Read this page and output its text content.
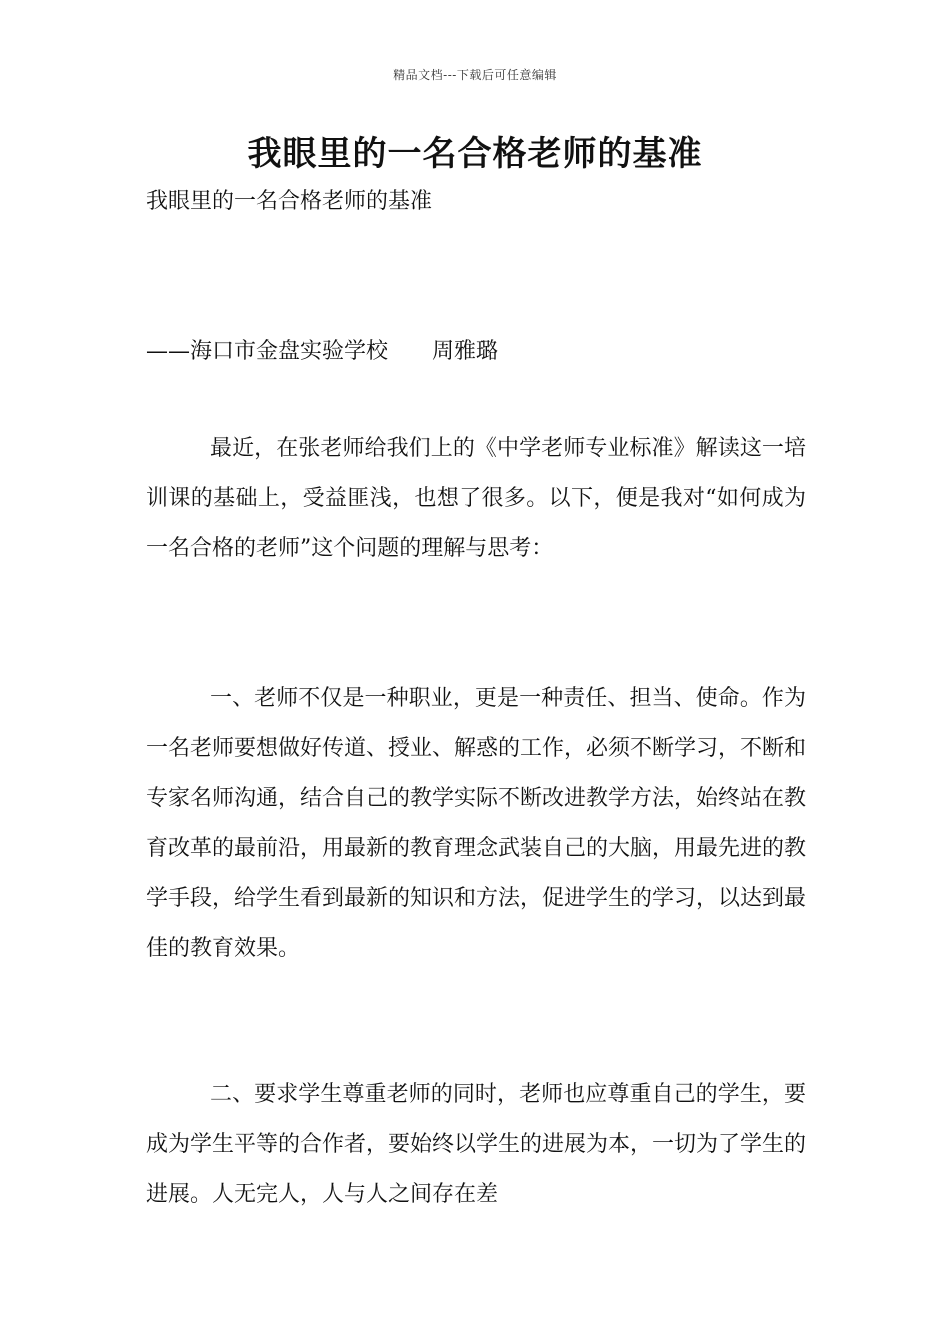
精品文档---下载后可任意编辑
我眼里的一名合格老师的基准
我眼里的一名合格老师的基准
——海口市金盘实验学校　　周雅璐

最近，在张老师给我们上的《中学老师专业标准》解读这一培训课的基础上，受益匪浅，也想了很多。以下，便是我对“如何成为一名合格的老师”这个问题的理解与思考：

一、老师不仅是一种职业，更是一种责任、担当、使命。作为一名老师要想做好传道、授业、解惑的工作，必须不断学习，不断和专家名师沟通，结合自己的教学实际不断改进教学方法，始终站在教育改革的最前沿，用最新的教育理念武装自己的大脑，用最先进的教学手段，给学生看到最新的知识和方法，促进学生的学习，以达到最佳的教育效果。

二、要求学生尊重老师的同时，老师也应尊重自己的学生，要成为学生平等的合作者，要始终以学生的进展为本，一切为了学生的进展。人无完人，人与人之间存在差
